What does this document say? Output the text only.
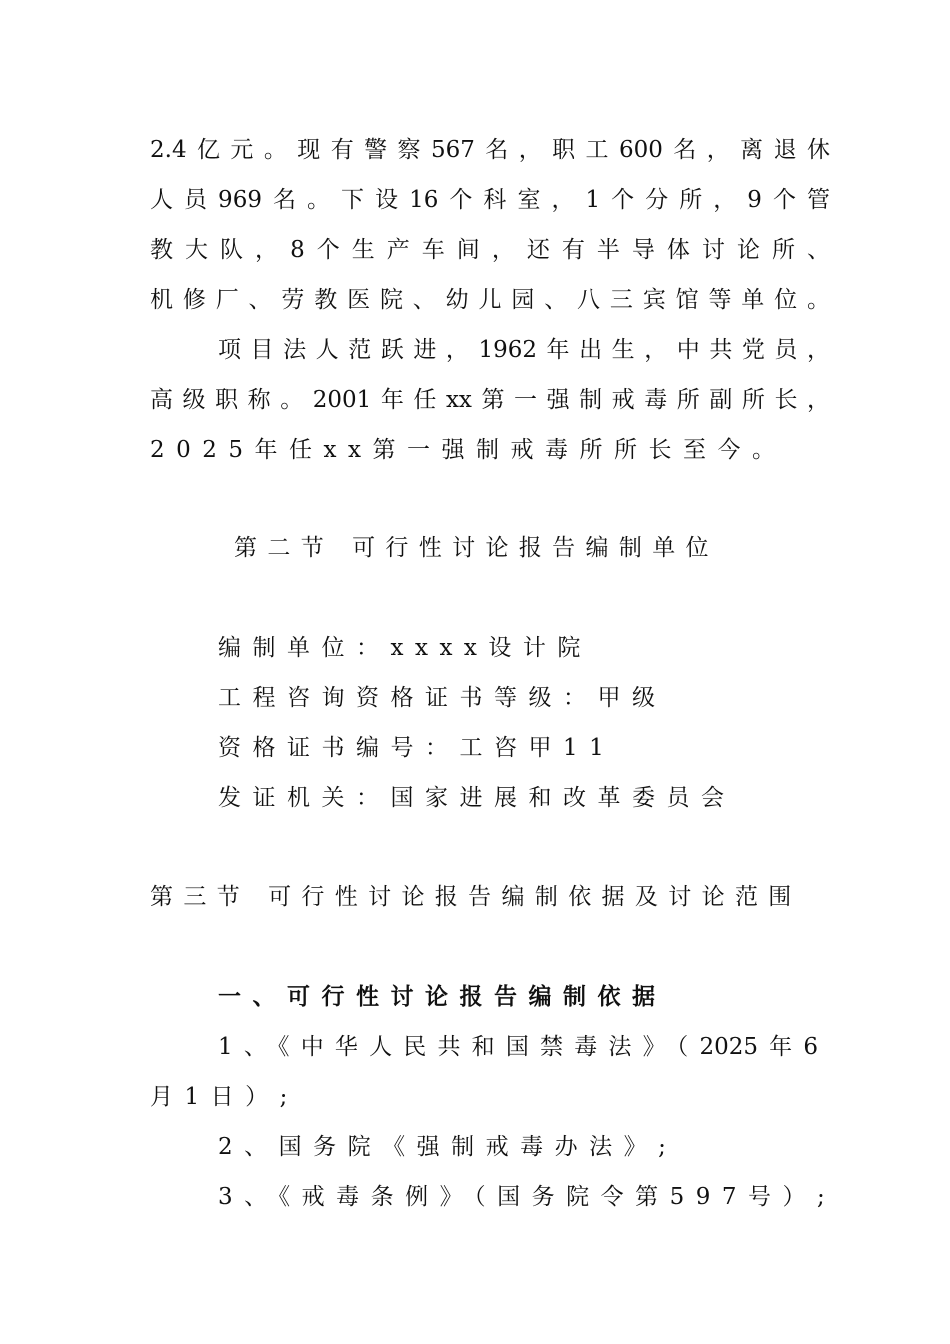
2.4亿元。现有警察567名，职工600名，离退休
人员969名。下设16个科室，1个分所，9个管
教大队，8个生产车间，还有半导体讨论所、
机修厂、劳教医院、幼儿园、八三宾馆等单位。
项目法人范跃进，1962年出生，中共党员，
高级职称。2001年任xx第一强制戒毒所副所长，
2025年任xx第一强制戒毒所所长至今。
第二节 可行性讨论报告编制单位
编制单位：xxxx设计院
工程咨询资格证书等级：甲级
资格证书编号：工咨甲11
发证机关：国家进展和改革委员会
第三节 可行性讨论报告编制依据及讨论范围
一、可行性讨论报告编制依据
1、《中华人民共和国禁毒法》（2025年6
月1日）;
2、国务院《强制戒毒办法》;
3、《戒毒条例》（国务院令第597号）;
